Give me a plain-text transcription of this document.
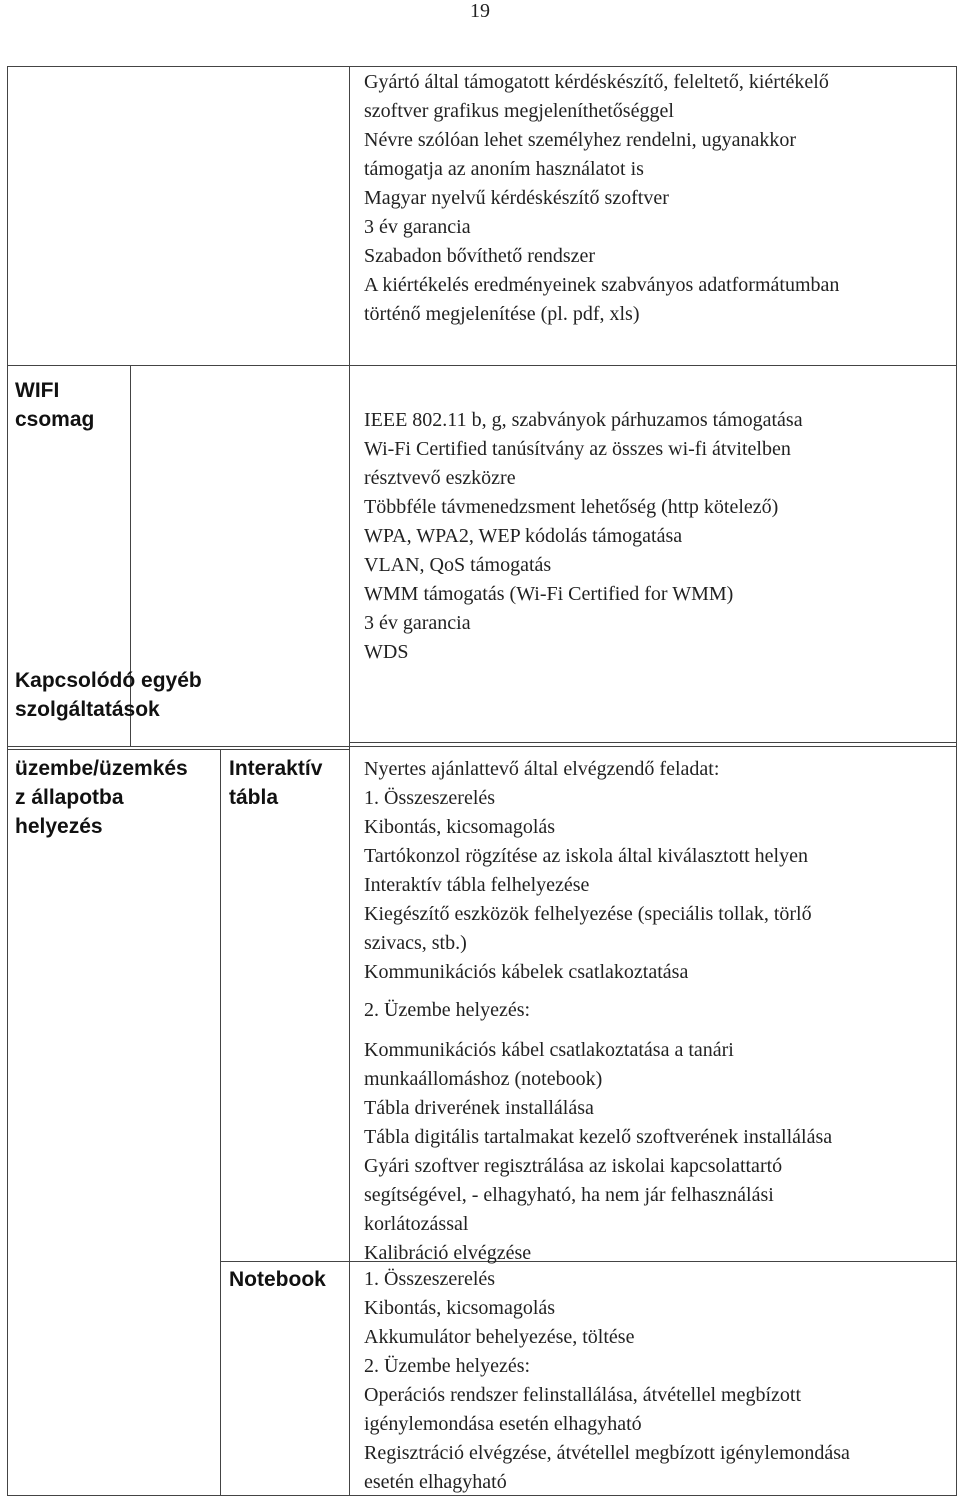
19
Gyártó által támogatott kérdéskészítő, feleltető, kiértékelő
szoftver grafikus megjeleníthetőséggel
Névre szólóan lehet személyhez rendelni, ugyanakkor
támogatja az anoním használatot is
Magyar nyelvű kérdéskészítő szoftver
3 év garancia
Szabadon bővíthető rendszer
A kiértékelés eredményeinek szabványos adatformátumban
történő megjelenítése (pl. pdf, xls)
WIFI
csomag	IEEE 802.11 b, g, szabványok párhuzamos támogatása
Wi-Fi Certified tanúsítvány az összes wi-fi átvitelben
résztvevő eszközre
Többféle távmenedzsment lehetőség (http kötelező)
WPA, WPA2, WEP kódolás támogatása
VLAN, QoS támogatás
WMM támogatás (Wi-Fi Certified for WMM)
3 év garancia
WDS
Kapcsolódó egyéb
szolgáltatások
üzembe/üzemkés
z állapotba
helyezés
Interaktív
tábla
Nyertes ajánlattevő által elvégzendő feladat:
1. Összeszerelés
Kibontás, kicsomagolás
Tartókonzol rögzítése az iskola által kiválasztott helyen
Interaktív tábla felhelyezése
Kiegészítő eszközök felhelyezése (speciális tollak, törlő
szivacs, stb.)
Kommunikációs kábelek csatlakoztatása
2. Üzembe helyezés:
Kommunikációs kábel csatlakoztatása a tanári
munkaállomáshoz (notebook)
Tábla driverének installálása
Tábla digitális tartalmakat kezelő szoftverének installálása
Gyári szoftver regisztrálása az iskolai kapcsolattartó
segítségével, - elhagyható, ha nem jár felhasználási
korlátozással
Kalibráció elvégzése
Notebook 1. Összeszerelés
Kibontás, kicsomagolás
Akkumulátor behelyezése, töltése
2. Üzembe helyezés:
Operációs rendszer felinstallálása, átvétellel megbízott
igénylemondása esetén elhagyható
Regisztráció elvégzése, átvétellel megbízott igénylemondása
esetén elhagyható
